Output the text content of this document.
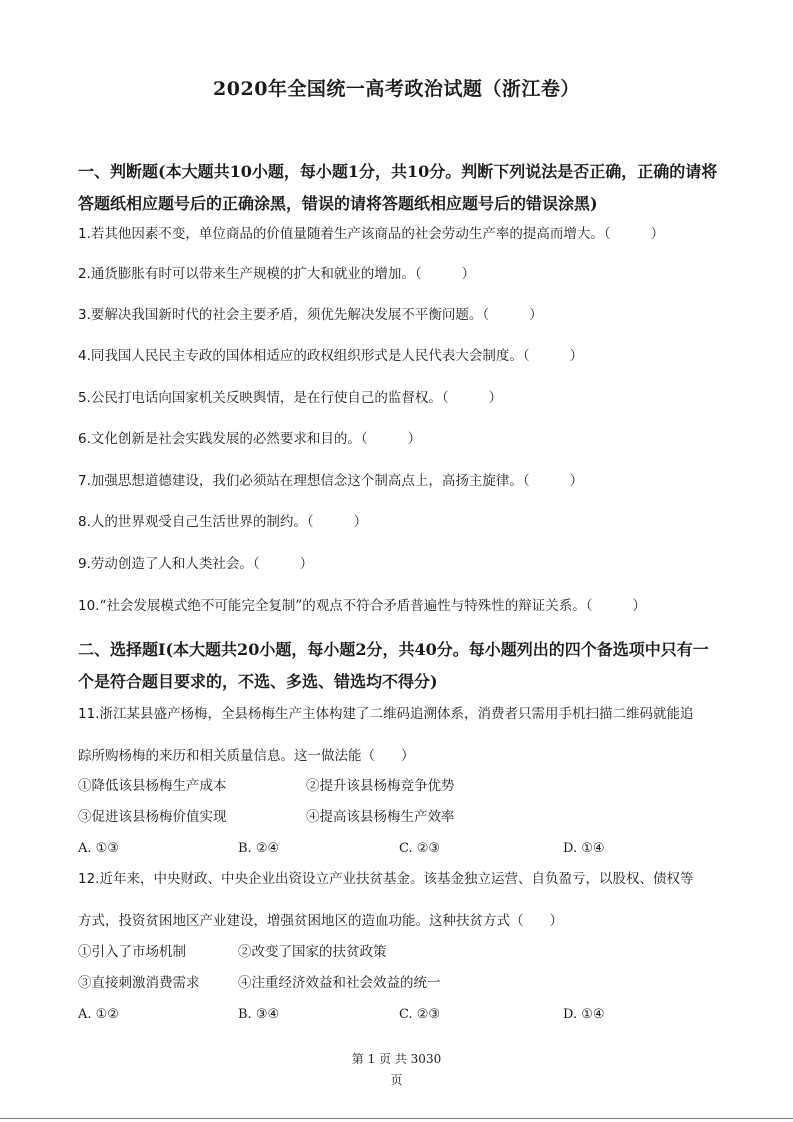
2020年全国统一高考政治试题（浙江卷）
一、判断题(本大题共10小题，每小题1分，共10分。判断下列说法是否正确，正确的请将
答题纸相应题号后的正确涂黑，错误的请将答题纸相应题号后的错误涂黑)
1.若其他因素不变，单位商品的价值量随着生产该商品的社会劳动生产率的提高而增大。（	）
2.通货膨胀有时可以带来生产规模的扩大和就业的增加。（	）
3.要解决我国新时代的社会主要矛盾，须优先解决发展不平衡问题。（	）
4.同我国人民民主专政的国体相适应的政权组织形式是人民代表大会制度。（	）
5.公民打电话向国家机关反映舆情，是在行使自己的监督权。（	）
6.文化创新是社会实践发展的必然要求和目的。（	）
7.加强思想道德建设，我们必须站在理想信念这个制高点上，高扬主旋律。（	）
8.人的世界观受自己生活世界的制约。（	）
9.劳动创造了人和人类社会。（	）
10.“社会发展模式绝不可能完全复制”的观点不符合矛盾普遍性与特殊性的辩证关系。（	）
二、选择题Ⅰ(本大题共20小题，每小题2分，共40分。每小题列出的四个备选项中只有一
个是符合题目要求的，不选、多选、错选均不得分)
11.浙江某县盛产杨梅，全县杨梅生产主体构建了二维码追溯体系，消费者只需用手机扫描二维码就能追
踪所购杨梅的来历和相关质量信息。这一做法能（ ）
①降低该县杨梅生产成本	②提升该县杨梅竞争优势
③促进该县杨梅价值实现	④提高该县杨梅生产效率
A. ①③	B. ②④	C. ②③	D. ①④
12.近年来，中央财政、中央企业出资设立产业扶贫基金。该基金独立运营、自负盈亏，以股权、债权等
方式，投资贫困地区产业建设，增强贫困地区的造血功能。这种扶贫方式（ ）
①引入了市场机制	②改变了国家的扶贫政策
③直接刺激消费需求	④注重经济效益和社会效益的统一
A. ①②	B. ③④	C. ②③	D. ①④
第 1 页 共 3030
页
